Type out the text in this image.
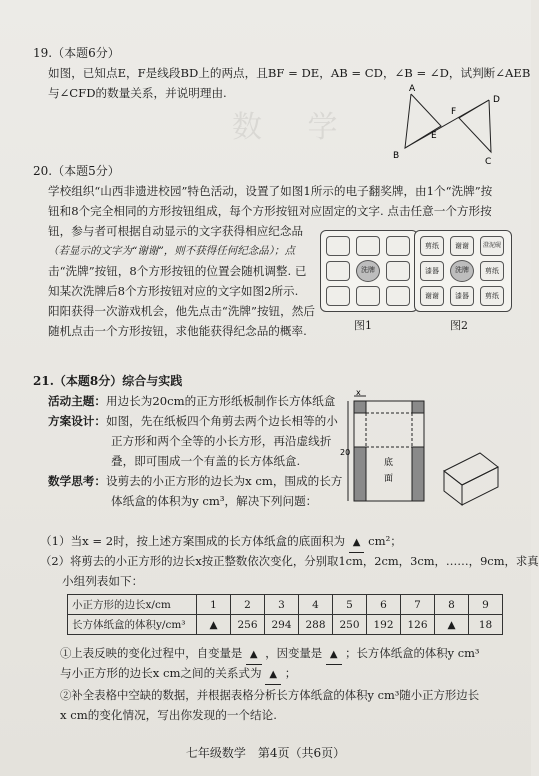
数 学
19.（本题6分）
如图，已知点E，F是线段BD上的两点，且BF = DE，AB = CD，∠B = ∠D，试判断∠AEB
与∠CFD的数量关系，并说明理由.	A
B
C
D
E
F
20.（本题5分）
学校组织“山西非遗进校园”特色活动，设置了如图1所示的电子翻奖牌，由1个“洗牌”按
钮和8个完全相同的方形按钮组成，每个方形按钮对应固定的文字. 点击任意一个方形按
钮，参与者可根据自动显示的文字获得相应纪念品
（若显示的文字为“谢谢”，则不获得任何纪念品）；点
击“洗牌”按钮，8个方形按钮的位置会随机调整. 已
知某次洗牌后8个方形按钮对应的文字如图2所示.
阳阳获得一次游戏机会，他先点击“洗牌”按钮，然后
随机点击一个方形按钮，求他能获得纪念品的概率.
洗牌
图1
剪纸	谢谢	澄泥砚
漆器	洗牌	剪纸
谢谢	漆器	剪纸
图2
21.（本题8分）综合与实践
活动主题：用边长为20cm的正方形纸板制作长方体纸盒
方案设计：如图，先在纸板四个角剪去两个边长相等的小
正方形和两个全等的小长方形，再沿虚线折
叠，即可围成一个有盖的长方体纸盒.
数学思考：设剪去的小正方形的边长为x cm，围成的长方
体纸盒的体积为y cm³，解决下列问题：
x
20
底
面
（1）当x = 2时，按上述方案围成的长方体纸盒的底面积为 ▲ cm²；
（2）将剪去的小正方形的边长x按正整数依次变化，分别取1cm，2cm，3cm，……，9cm，求真
小组列表如下：
小正方形的边长x/cm	1	2	3	4	5	6	7	8	9
长方体纸盒的体积y/cm³	▲	256	294	288	250	192	126	▲	18
①上表反映的变化过程中，自变量是 ▲ ，因变量是 ▲ ；长方体纸盒的体积y cm³
与小正方形的边长x cm之间的关系式为 ▲ ；
②补全表格中空缺的数据，并根据表格分析长方体纸盒的体积y cm³随小正方形边长
x cm的变化情况，写出你发现的一个结论.
七年级数学　第4页（共6页）
